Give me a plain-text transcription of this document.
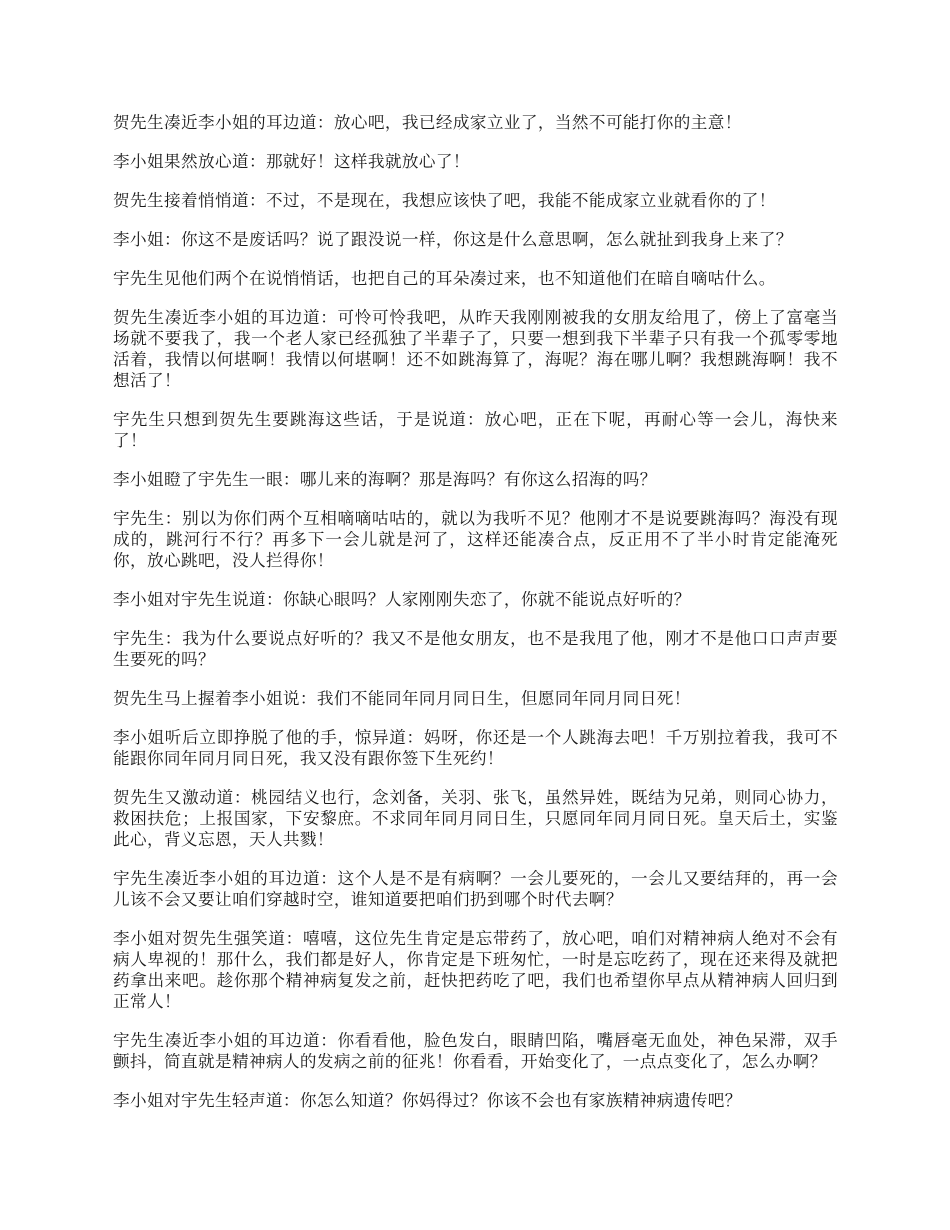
贺先生凑近李小姐的耳边道：放心吧，我已经成家立业了，当然不可能打你的主意！

李小姐果然放心道：那就好！这样我就放心了！

贺先生接着悄悄道：不过，不是现在，我想应该快了吧，我能不能成家立业就看你的了！

李小姐：你这不是废话吗？说了跟没说一样，你这是什么意思啊，怎么就扯到我身上来了？

宇先生见他们两个在说悄悄话，也把自己的耳朵凑过来，也不知道他们在暗自嘀咕什么。

贺先生凑近李小姐的耳边道：可怜可怜我吧，从昨天我刚刚被我的女朋友给甩了，傍上了富毫当场就不要我了，我一个老人家已经孤独了半辈子了，只要一想到我下半辈子只有我一个孤零零地活着，我情以何堪啊！我情以何堪啊！还不如跳海算了，海呢？海在哪儿啊？我想跳海啊！我不想活了！

宇先生只想到贺先生要跳海这些话，于是说道：放心吧，正在下呢，再耐心等一会儿，海快来了！

李小姐瞪了宇先生一眼：哪儿来的海啊？那是海吗？有你这么招海的吗？

宇先生：别以为你们两个互相嘀嘀咕咕的，就以为我听不见？他刚才不是说要跳海吗？海没有现成的，跳河行不行？再多下一会儿就是河了，这样还能凑合点，反正用不了半小时肯定能淹死你，放心跳吧，没人拦得你！

李小姐对宇先生说道：你缺心眼吗？人家刚刚失恋了，你就不能说点好听的？

宇先生：我为什么要说点好听的？我又不是他女朋友，也不是我甩了他，刚才不是他口口声声要生要死的吗？

贺先生马上握着李小姐说：我们不能同年同月同日生，但愿同年同月同日死！

李小姐听后立即挣脱了他的手，惊异道：妈呀，你还是一个人跳海去吧！千万别拉着我，我可不能跟你同年同月同日死，我又没有跟你签下生死约！

贺先生又激动道：桃园结义也行，念刘备，关羽、张飞，虽然异姓，既结为兄弟，则同心协力，救困扶危；上报国家，下安黎庶。不求同年同月同日生，只愿同年同月同日死。皇天后土，实鉴此心，背义忘恩，天人共戮！

宇先生凑近李小姐的耳边道：这个人是不是有病啊？一会儿要死的，一会儿又要结拜的，再一会儿该不会又要让咱们穿越时空，谁知道要把咱们扔到哪个时代去啊？

李小姐对贺先生强笑道：嘻嘻，这位先生肯定是忘带药了，放心吧，咱们对精神病人绝对不会有病人卑视的！那什么，我们都是好人，你肯定是下班匆忙，一时是忘吃药了，现在还来得及就把药拿出来吧。趁你那个精神病复发之前，赶快把药吃了吧，我们也希望你早点从精神病人回归到正常人！

宇先生凑近李小姐的耳边道：你看看他，脸色发白，眼睛凹陷，嘴唇毫无血处，神色呆滞，双手颤抖，简直就是精神病人的发病之前的征兆！你看看，开始变化了，一点点变化了，怎么办啊？

李小姐对宇先生轻声道：你怎么知道？你妈得过？你该不会也有家族精神病遗传吧？
